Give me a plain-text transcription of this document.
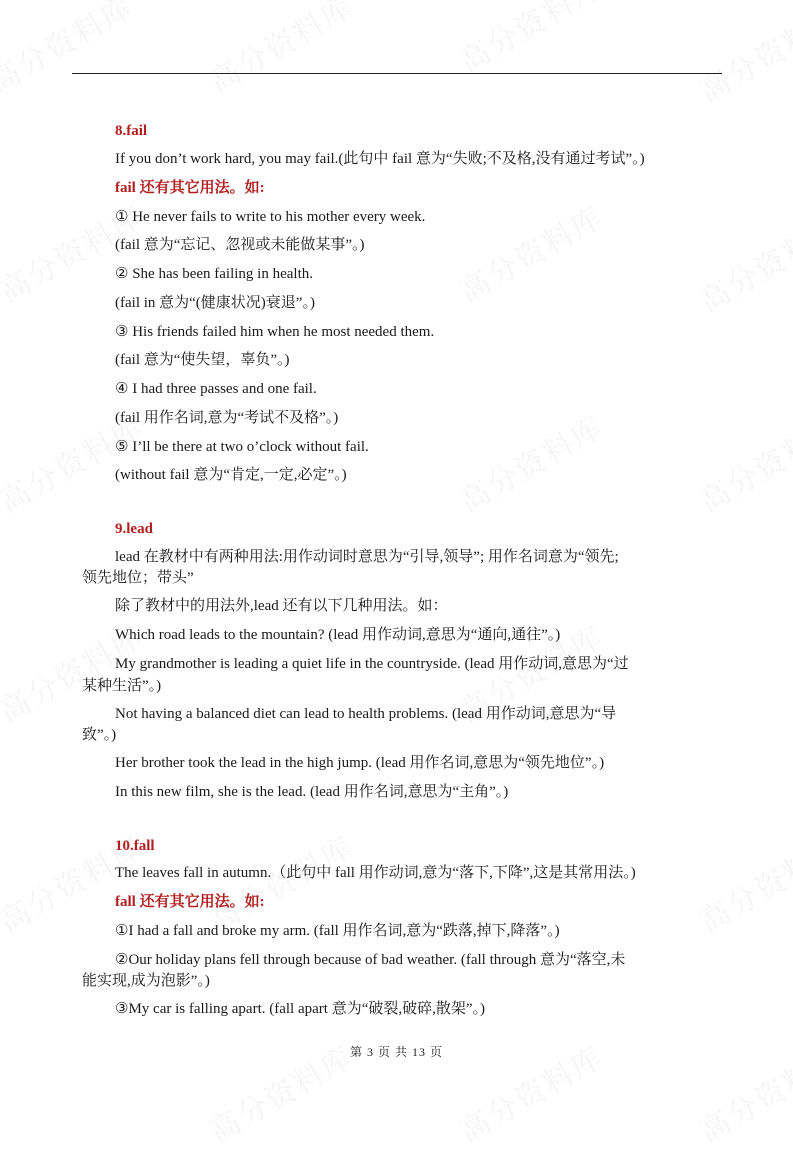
8.fail
If you don’t work hard, you may fail.(此句中 fail 意为“失败;不及格,没有通过考试”。)
fail 还有其它用法。如:
① He never fails to write to his mother every week.
(fail 意为“忘记、忽视或未能做某事”。)
② She has been failing in health.
(fail in 意为“(健康状况)衰退”。)
③ His friends failed him when he most needed them.
(fail 意为“使失望，辜负”。)
④ I had three passes and one fail.
(fail 用作名词,意为“考试不及格”。)
⑤ I’ll be there at two o’clock without fail.
(without fail 意为“肯定,一定,必定”。)
9.lead
lead 在教材中有两种用法:用作动词时意思为“引导,领导”; 用作名词意为“领先;
领先地位；带头”
除了教材中的用法外,lead 还有以下几种用法。如：
Which road leads to the mountain? (lead 用作动词,意思为“通向,通往”。)
My grandmother is leading a quiet life in the countryside. (lead 用作动词,意思为“过
某种生活”。)
Not having a balanced diet can lead to health problems. (lead 用作动词,意思为“导
致”。)
Her brother took the lead in the high jump. (lead 用作名词,意思为“领先地位”。)
In this new film, she is the lead. (lead 用作名词,意思为“主角”。)
10.fall
The leaves fall in autumn.（此句中 fall 用作动词,意为“落下,下降”,这是其常用法。)
fall 还有其它用法。如:
①I had a fall and broke my arm. (fall 用作名词,意为“跌落,掉下,降落”。)
②Our holiday plans fell through because of bad weather. (fall through 意为“落空,未
能实现,成为泡影”。)
③My car is falling apart. (fall apart 意为“破裂,破碎,散架”。)
第 3 页 共 13 页
